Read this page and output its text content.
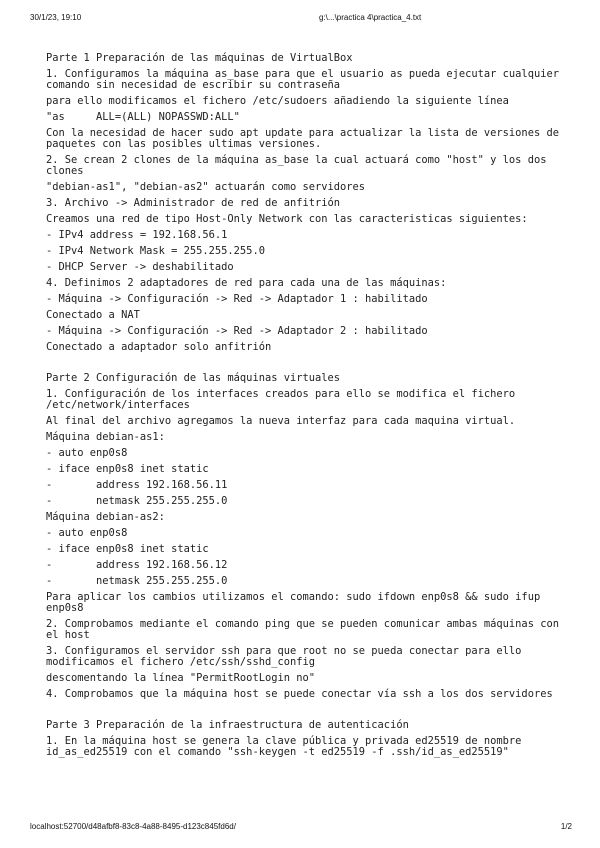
30/1/23, 19:10	g:\...\practica 4\practica_4.txt
Parte 1 Preparación de las máquinas de VirtualBox
1. Configuramos la máquina as_base para que el usuario as pueda ejecutar cualquier comando sin necesidad de escribir su contraseña
para ello modificamos el fichero /etc/sudoers añadiendo la siguiente línea
"as     ALL=(ALL) NOPASSWD:ALL"
Con la necesidad de hacer sudo apt update para actualizar la lista de versiones de paquetes con las posibles ultimas versiones.
2. Se crean 2 clones de la máquina as_base la cual actuará como "host" y los dos clones
"debian-as1", "debian-as2" actuarán como servidores
3. Archivo -> Administrador de red de anfitrión
Creamos una red de tipo Host-Only Network con las caracteristicas siguientes:
- IPv4 address = 192.168.56.1
- IPv4 Network Mask = 255.255.255.0
- DHCP Server -> deshabilitado
4. Definimos 2 adaptadores de red para cada una de las máquinas:
- Máquina -> Configuración -> Red -> Adaptador 1 : habilitado
Conectado a NAT
- Máquina -> Configuración -> Red -> Adaptador 2 : habilitado
Conectado a adaptador solo anfitrión
Parte 2 Configuración de las máquinas virtuales
1. Configuración de los interfaces creados para ello se modifica el fichero /etc/network/interfaces
Al final del archivo agregamos la nueva interfaz para cada maquina virtual.
Máquina debian-as1:
- auto enp0s8
- iface enp0s8 inet static
-       address 192.168.56.11
-       netmask 255.255.255.0
Máquina debian-as2:
- auto enp0s8
- iface enp0s8 inet static
-       address 192.168.56.12
-       netmask 255.255.255.0
Para aplicar los cambios utilizamos el comando: sudo ifdown enp0s8 && sudo ifup enp0s8
2. Comprobamos mediante el comando ping que se pueden comunicar ambas máquinas con el host
3. Configuramos el servidor ssh para que root no se pueda conectar para ello modificamos el fichero /etc/ssh/sshd_config
descomentando la línea "PermitRootLogin no"
4. Comprobamos que la máquina host se puede conectar vía ssh a los dos servidores
Parte 3 Preparación de la infraestructura de autenticación
1. En la máquina host se genera la clave pública y privada ed25519 de nombre id_as_ed25519 con el comando "ssh-keygen -t ed25519 -f .ssh/id_as_ed25519"
localhost:52700/d48afbf8-83c8-4a88-8495-d123c845fd6d/	1/2
